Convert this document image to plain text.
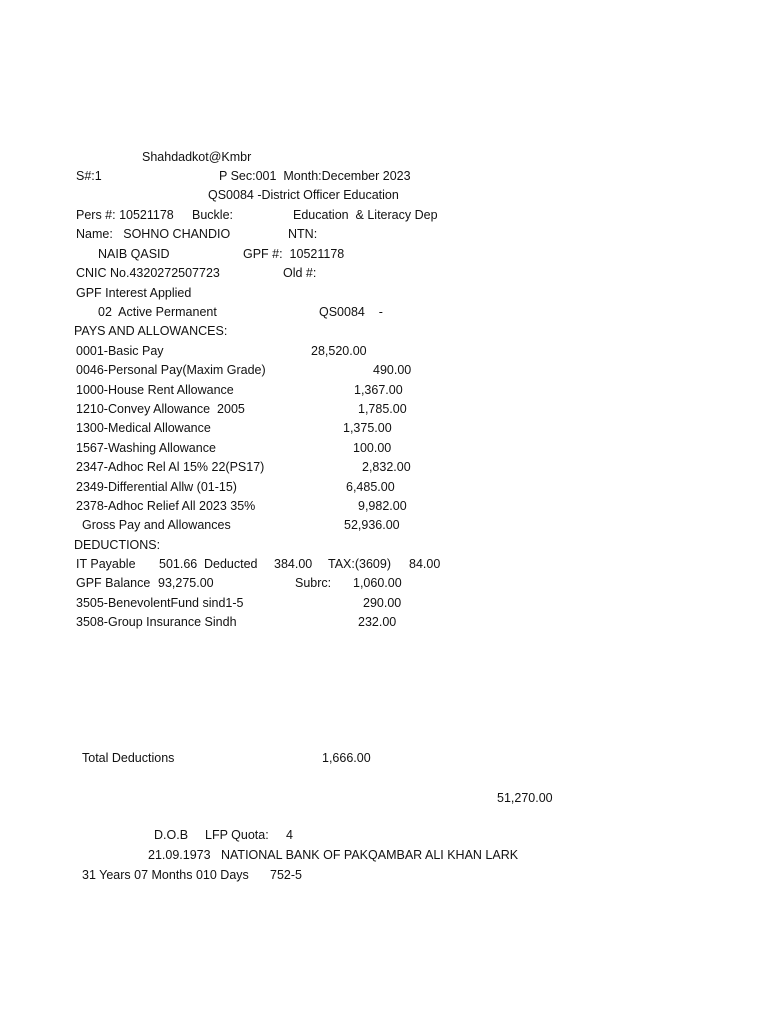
Shahdadkot@Kmbr
S#:1	P Sec:001  Month:December 2023
QS0084 -District Officer Education
Pers #: 10521178 Buckle:	Education  & Literacy Dep
Name:   SOHNO CHANDIO	NTN:
NAIB QASID	GPF #:  10521178
CNIC No.4320272507723	Old #:
GPF Interest Applied
02  Active Permanent	QS0084    -
PAYS AND ALLOWANCES:
0001-Basic Pay	28,520.00
0046-Personal Pay(Maxim Grade)	490.00
1000-House Rent Allowance	1,367.00
1210-Convey Allowance  2005	1,785.00
1300-Medical Allowance	1,375.00
1567-Washing Allowance	100.00
2347-Adhoc Rel Al 15% 22(PS17)	2,832.00
2349-Differential Allw (01-15)	6,485.00
2378-Adhoc Relief All 2023 35%	9,982.00
Gross Pay and Allowances	52,936.00
DEDUCTIONS:
IT Payable 501.66 Deducted 384.00 TAX:(3609) 84.00
GPF Balance 93,275.00	Subrc: 1,060.00
3505-BenevolentFund sind1-5	290.00
3508-Group Insurance Sindh	232.00
Total Deductions	1,666.00
51,270.00
D.O.B LFP Quota: 4
21.09.1973 NATIONAL BANK OF PAKQAMBAR ALI KHAN LARK
31 Years 07 Months 010 Days 752-5
